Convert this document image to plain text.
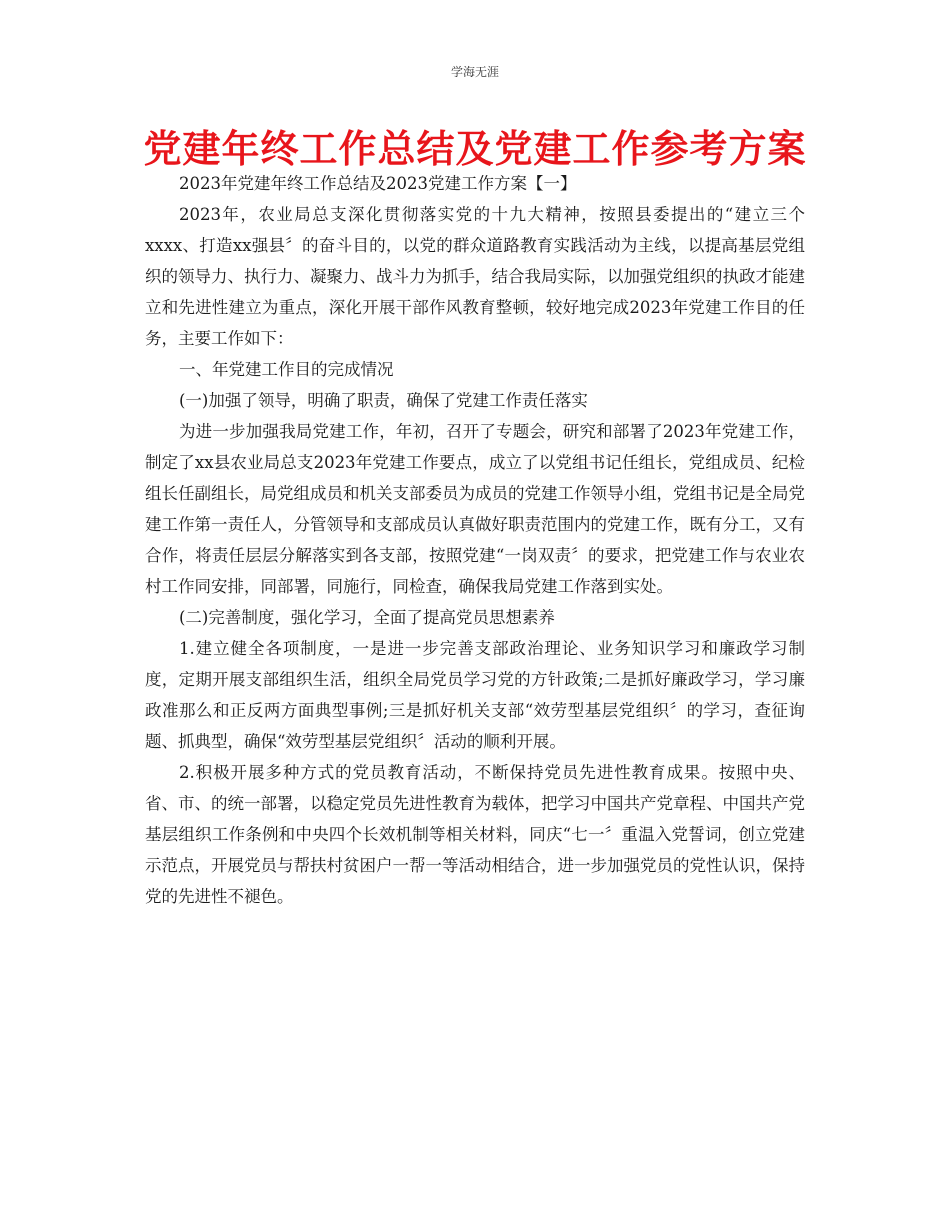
学海无涯
党建年终工作总结及党建工作参考方案

2023年党建年终工作总结及2023党建工作方案【一】

2023年，农业局总支深化贯彻落实党的十九大精神，按照县委提出的“建立三个xxxx、打造xx强县〞的奋斗目的，以党的群众道路教育实践活动为主线，以提高基层党组织的领导力、执行力、凝聚力、战斗力为抓手，结合我局实际，以加强党组织的执政才能建立和先进性建立为重点，深化开展干部作风教育整顿，较好地完成2023年党建工作目的任务，主要工作如下：

一、年党建工作目的完成情况

(一)加强了领导，明确了职责，确保了党建工作责任落实

为进一步加强我局党建工作，年初，召开了专题会，研究和部署了2023年党建工作，制定了xx县农业局总支2023年党建工作要点，成立了以党组书记任组长，党组成员、纪检组长任副组长，局党组成员和机关支部委员为成员的党建工作领导小组，党组书记是全局党建工作第一责任人，分管领导和支部成员认真做好职责范围内的党建工作，既有分工，又有合作，将责任层层分解落实到各支部，按照党建“一岗双责〞的要求，把党建工作与农业农村工作同安排，同部署，同施行，同检查，确保我局党建工作落到实处。

(二)完善制度，强化学习，全面了提高党员思想素养

1.建立健全各项制度，一是进一步完善支部政治理论、业务知识学习和廉政学习制度，定期开展支部组织生活，组织全局党员学习党的方针政策;二是抓好廉政学习，学习廉政准那么和正反两方面典型事例;三是抓好机关支部“效劳型基层党组织〞的学习，查征询题、抓典型，确保“效劳型基层党组织〞活动的顺利开展。

2.积极开展多种方式的党员教育活动，不断保持党员先进性教育成果。按照中央、省、市、的统一部署，以稳定党员先进性教育为载体，把学习中国共产党章程、中国共产党基层组织工作条例和中央四个长效机制等相关材料，同庆“七一〞重温入党誓词，创立党建示范点，开展党员与帮扶村贫困户一帮一等活动相结合，进一步加强党员的党性认识，保持党的先进性不褪色。
